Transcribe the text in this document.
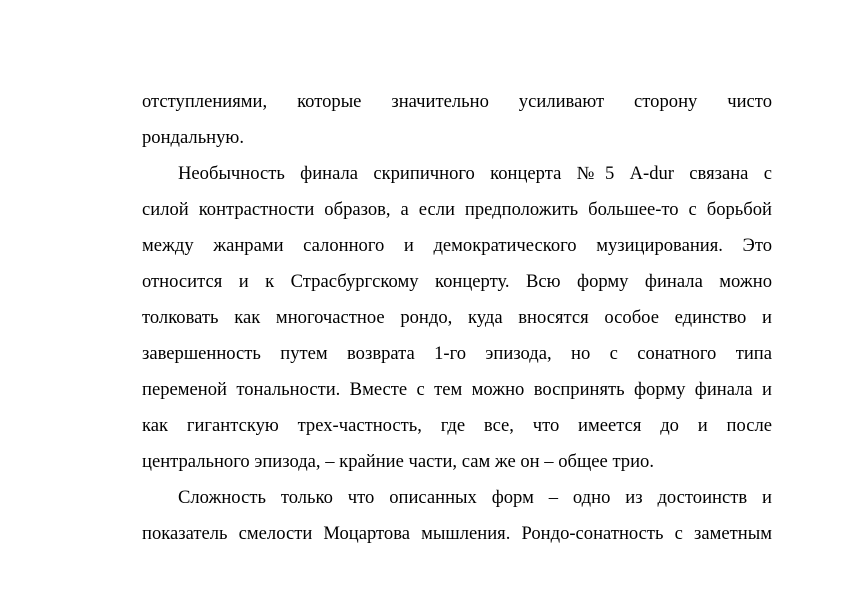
отступлениями, которые значительно усиливают сторону чисто
рондальную.
Необычность финала скрипичного концерта №5 A-dur связана с
силой контрастности образов, а если предположить большее-то с борьбой
между жанрами салонного и демократического музицирования. Это
относится и к Страсбургскому концерту. Всю форму финала можно
толковать как многочастное рондо, куда вносятся особое единство и
завершенность путем возврата 1-го эпизода, но с сонатного типа
переменой тональности. Вместе с тем можно воспринять форму финала и
как гигантскую трех-частность, где все, что имеется до и после
центрального эпизода, – крайние части, сам же он – общее трио.
Сложность только что описанных форм – одно из достоинств и
показатель смелости Моцартова мышления. Рондо-сонатность с заметным
